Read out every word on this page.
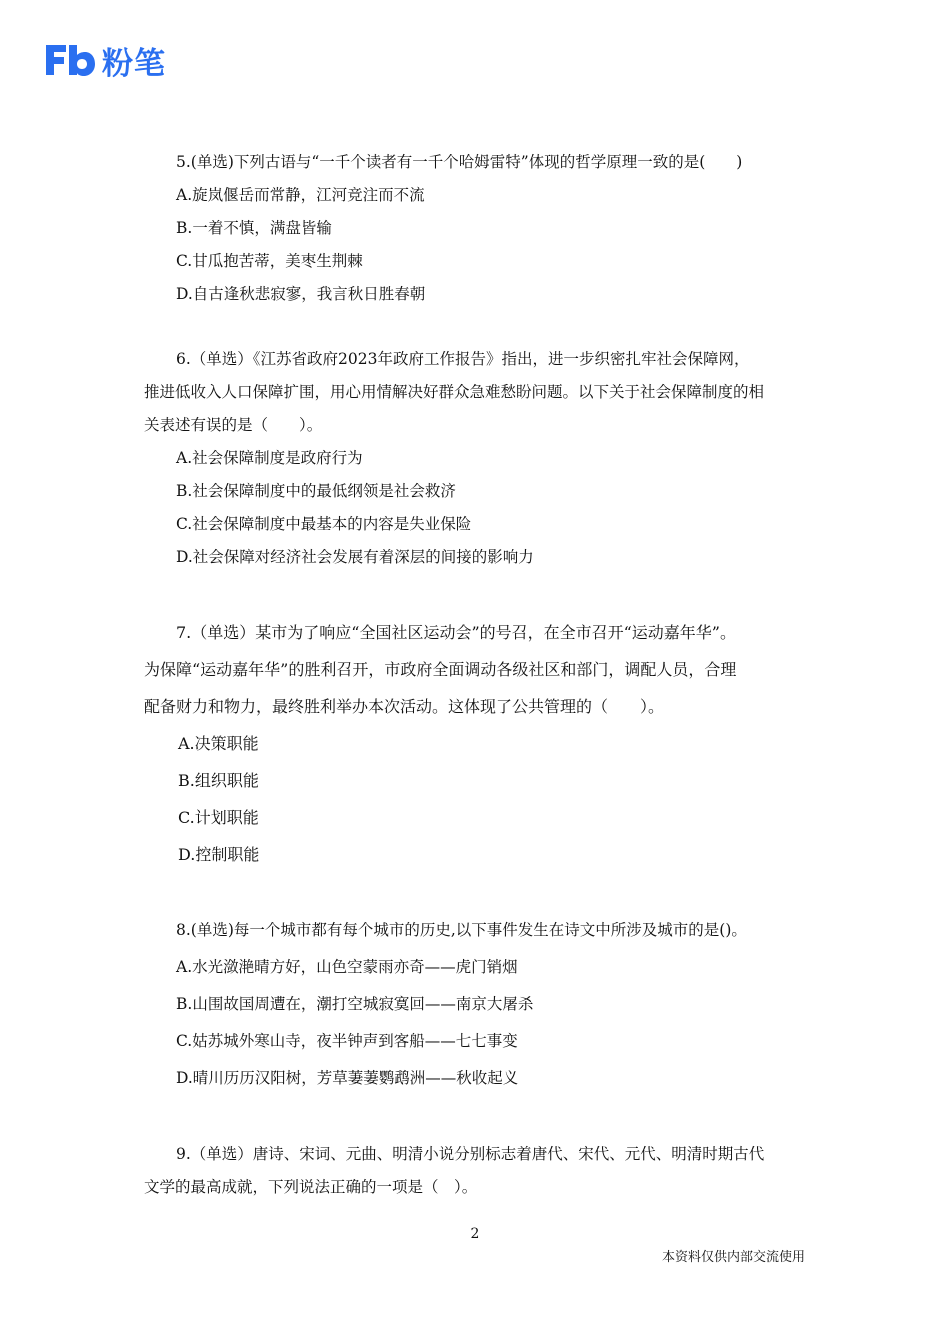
粉笔
5.(单选)下列古语与“一千个读者有一千个哈姆雷特”体现的哲学原理一致的是(　　)
A.旋岚偃岳而常静，江河竞注而不流
B.一着不慎，满盘皆输
C.甘瓜抱苦蒂，美枣生荆棘
D.自古逢秋悲寂寥，我言秋日胜春朝
6.（单选）《江苏省政府2023年政府工作报告》指出，进一步织密扎牢社会保障网，
推进低收入人口保障扩围，用心用情解决好群众急难愁盼问题。以下关于社会保障制度的相
关表述有误的是（　　）。
A.社会保障制度是政府行为
B.社会保障制度中的最低纲领是社会救济
C.社会保障制度中最基本的内容是失业保险
D.社会保障对经济社会发展有着深层的间接的影响力
7.（单选）某市为了响应“全国社区运动会”的号召，在全市召开“运动嘉年华”。
为保障“运动嘉年华”的胜利召开，市政府全面调动各级社区和部门，调配人员，合理
配备财力和物力，最终胜利举办本次活动。这体现了公共管理的（　　）。
A.决策职能
B.组织职能
C.计划职能
D.控制职能
8.(单选)每一个城市都有每个城市的历史,以下事件发生在诗文中所涉及城市的是()。
A.水光潋滟晴方好，山色空蒙雨亦奇——虎门销烟
B.山围故国周遭在，潮打空城寂寞回——南京大屠杀
C.姑苏城外寒山寺，夜半钟声到客船——七七事变
D.晴川历历汉阳树，芳草萋萋鹦鹉洲——秋收起义
9.（单选）唐诗、宋词、元曲、明清小说分别标志着唐代、宋代、元代、明清时期古代
文学的最高成就，下列说法正确的一项是（　）。
2
本资料仅供内部交流使用
